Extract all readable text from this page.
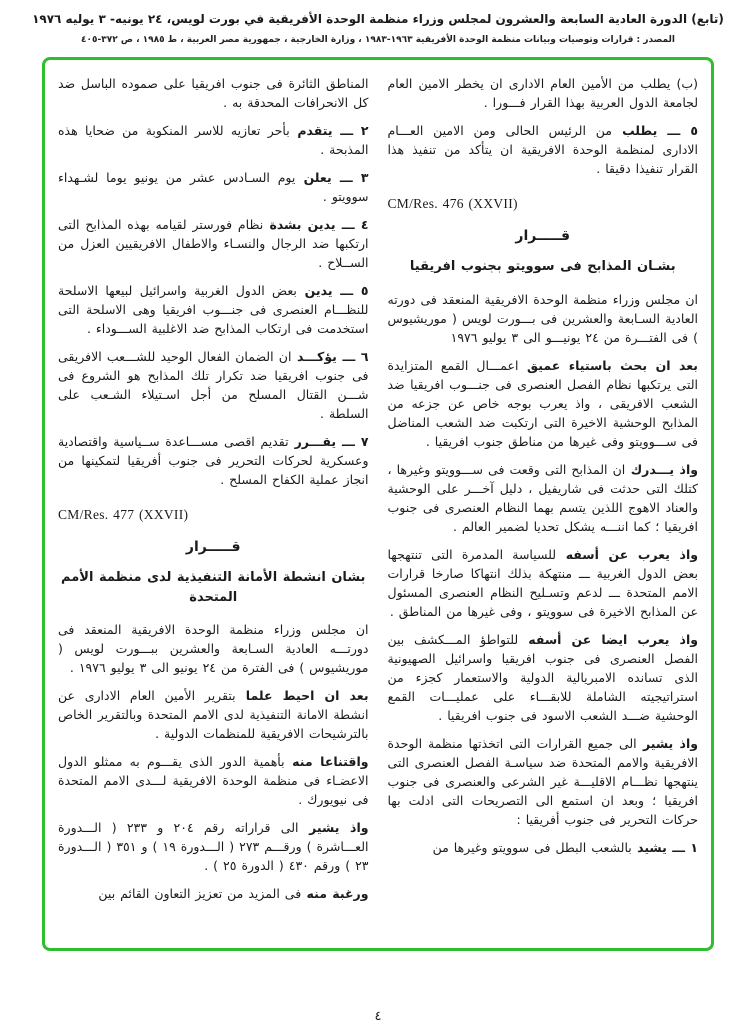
(تابع) الدورة العادية السابعة والعشرون لمجلس وزراء منظمة الوحدة الأفريقية في بورت لويس، ٢٤ يونيه- ٣ يوليه ١٩٧٦
المصدر : قرارات وتوصيات وبيانات منظمة الوحدة الأفريقية ١٩٦٣-١٩٨٣ ، وزارة الخارجية ، جمهورية مصر العربية ، ط ١٩٨٥ ، ص ٣٧٢-٤٠٥
(ب) يطلب من الأمين العام الادارى ان يخطر الامين العام لجامعة الدول العربية بهذا القرار فـــورا .
٥ ـــ يطلب من الرئيس الحالى ومن الامين العـــام الادارى لمنظمة الوحدة الافريقية ان يتأكد من تنفيذ هذا القرار تنفيذا دقيقا .
CM/Res. 476 (XXVII)
قـــــرار
بشـان المذابح فى سوويتو بجنوب افريقيا
ان مجلس وزراء منظمة الوحدة الافريقية المنعقد فى دورته العادية السـابعة والعشرين فى بـــورت لويس ( موريشيوس ) فى الفتـــرة من ٢٤ يونيـــو الى ٣ يوليو ١٩٧٦
بعد ان بحث باستياء عميق اعمـــال القمع المتزايدة التى يرتكبها نظام الفصل العنصرى فى جنـــوب افريقيا ضد الشعب الافريقى ، واذ يعرب بوجه خاص عن جزعه من المذابح الوحشية الاخيرة التى ارتكبت ضد الشعب المناضل فى ســـوويتو وفى غيرها من مناطق جنوب افريقيا .
واذ يـــدرك ان المذابح التى وقعت فى ســـوويتو وغيرها ، كتلك التى حدثت فى شاريفيل ، دليل آخـــر على الوحشية والعناد الاهوج اللذين يتسم بهما النظام العنصرى فى جنوب افريقيا ؛ كما اننـــه يشكل تحديا لضمير العالم .
واذ يعرب عن أسفه للسياسة المدمرة التى تنتهجها بعض الدول الغربية ـــ منتهكة بذلك انتهاكا صارخا قرارات الامم المتحدة ـــ لدعم وتسـليح النظام العنصرى المسئول عن المذابح الاخيرة فى سوويتو ، وفى غيرها من المناطق .
واذ يعرب ايضا عن أسفه للتواطؤ المـــكشف بين الفصل العنصرى فى جنوب افريقيا واسرائيل الصهيونية الذى تسانده الامبريالية الدولية والاستعمار كجزء من استراتيجيته الشاملة للابقـــاء على عمليـــات القمع الوحشية ضـــد الشعب الاسود فى جنوب افريقيا .
واذ يشير الى جميع القرارات التى اتخذتها منظمة الوحدة الافريقية والامم المتحدة ضد سياسـة الفصل العنصرى التى ينتهجها نظـــام الاقليـــة غير الشرعى والعنصرى فى جنوب افريقيا ؛ وبعد ان استمع الى التصريحات التى ادلت بها حركات التحرير فى جنوب أفريقيا :
١ ـــ يشيد بالشعب البطل فى سوويتو وغيرها من
المناطق الثائرة فى جنوب افريقيا على صموده الباسل ضد كل الانحرافات المحدقة به .
٢ ـــ يتقدم بأحر تعازيه للاسر المنكوبة من ضحايا هذه المذبحة .
٣ ـــ يعلن يوم السـادس عشر من يونيو يوما لشـهداء سوويتو .
٤ ـــ يدين بشدة نظام فورستر لقيامه بهذه المذابح التى ارتكبها ضد الرجال والنسـاء والاطفال الافريقيين العزل من الســلاح .
٥ ـــ يدين بعض الدول الغربية واسرائيل لبيعها الاسلحة للنظـــام العنصرى فى جنـــوب افريقيا وهى الاسلحة التى استخدمت فى ارتكاب المذابح ضد الاغلبية الســـوداء .
٦ ـــ يؤكـــد ان الضمان الفعال الوحيد للشـــعب الافريقى فى جنوب افريقيا ضد تكرار تلك المذابح هو الشروع فى شـــن القتال المسلح من أجل اسـتيلاء الشـعب على السلطة .
٧ ـــ يقـــرر تقديم اقصى مســـاعدة ســياسية واقتصادية وعسكرية لحركات التحرير فى جنوب أفريقيا لتمكينها من انجاز عملية الكفاح المسلح .
CM/Res. 477 (XXVII)
قـــــرار
بشان انشطة الأمانة التنفيذية لدى منظمة الأمم المتحدة
ان مجلس وزراء منظمة الوحدة الافريقية المنعقد فى دورتـــه العادية السـابعة والعشرين ببـــورت لويس ( موريشيوس ) فى الفترة من ٢٤ يونيو الى ٣ يوليو ١٩٧٦ .
بعد ان احيط علما بتقرير الأمين العام الادارى عن انشطة الامانة التنفيذية لدى الامم المتحدة وبالتقرير الخاص بالترشيحات الافريقية للمنظمات الدولية .
واقتناعا منه بأهمية الدور الذى يقـــوم به ممثلو الدول الاعضـاء فى منظمة الوحدة الافريقية لـــدى الامم المتحدة فى نيويورك .
واذ يشير الى قراراته رقم ٢٠٤ و ٢٣٣ ( الـــدورة العـــاشرة ) ورقـــم ٢٧٣ ( الـــدورة ١٩ ) و ٣٥١ ( الـــدورة ٢٣ ) ورقم ٤٣٠ ( الدورة ٢٥ ) .
ورغبة منه فى المزيد من تعزيز التعاون القائم بين
٤
